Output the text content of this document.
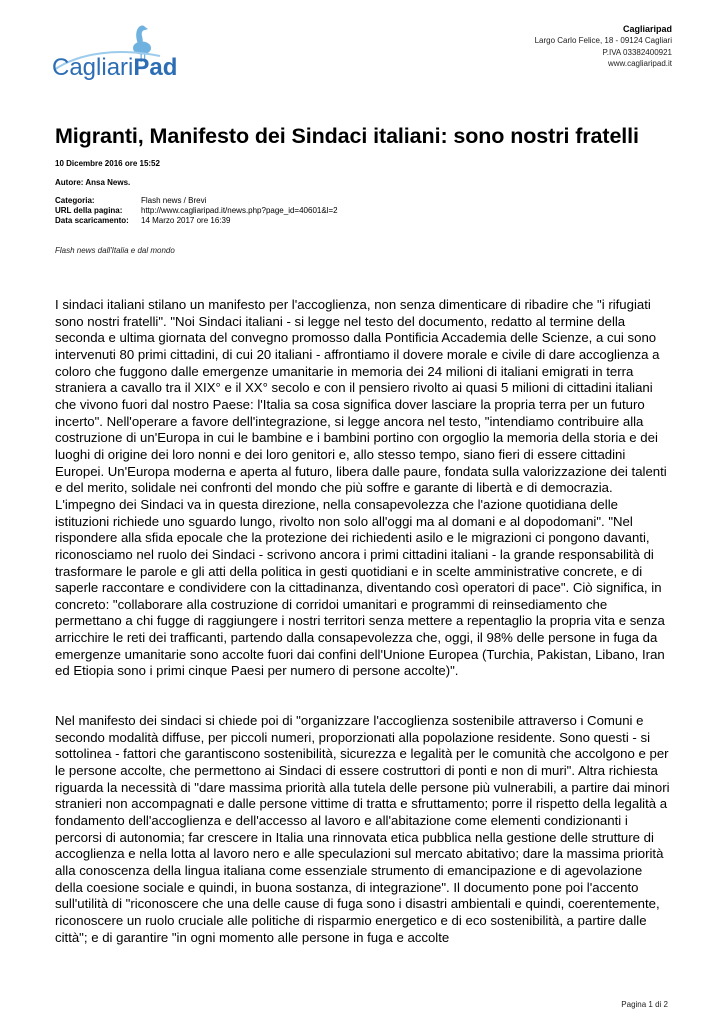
CagliariPad
Cagliaripad
Largo Carlo Felice, 18 - 09124 Cagliari
P.IVA 03382400921
www.cagliaripad.it
Migranti, Manifesto dei Sindaci italiani: sono nostri fratelli
10 Dicembre 2016 ore 15:52
Autore: Ansa News.
Categoria:	Flash news / Brevi
URL della pagina:	http://www.cagliaripad.it/news.php?page_id=40601&l=2
Data scaricamento:	14 Marzo 2017 ore 16:39
Flash news dall'Italia e dal mondo

I sindaci italiani stilano un manifesto per l'accoglienza, non senza dimenticare di ribadire che "i rifugiati sono nostri fratelli". "Noi Sindaci italiani - si legge nel testo del documento, redatto al termine della seconda e ultima giornata del convegno promosso dalla Pontificia Accademia delle Scienze, a cui sono intervenuti 80 primi cittadini, di cui 20 italiani - affrontiamo il dovere morale e civile di dare accoglienza a coloro che fuggono dalle emergenze umanitarie in memoria dei 24 milioni di italiani emigrati in terra straniera a cavallo tra il XIX° e il XX° secolo e con il pensiero rivolto ai quasi 5 milioni di cittadini italiani che vivono fuori dal nostro Paese: l'Italia sa cosa significa dover lasciare la propria terra per un futuro incerto". Nell'operare a favore dell'integrazione, si legge ancora nel testo, "intendiamo contribuire alla costruzione di un'Europa in cui le bambine e i bambini portino con orgoglio la memoria della storia e dei luoghi di origine dei loro nonni e dei loro genitori e, allo stesso tempo, siano fieri di essere cittadini Europei. Un'Europa moderna e aperta al futuro, libera dalle paure, fondata sulla valorizzazione dei talenti e del merito, solidale nei confronti del mondo che più soffre e garante di libertà e di democrazia. L'impegno dei Sindaci va in questa direzione, nella consapevolezza che l'azione quotidiana delle istituzioni richiede uno sguardo lungo, rivolto non solo all'oggi ma al domani e al dopodomani". "Nel rispondere alla sfida epocale che la protezione dei richiedenti asilo e le migrazioni ci pongono davanti, riconosciamo nel ruolo dei Sindaci - scrivono ancora i primi cittadini italiani - la grande responsabilità di trasformare le parole e gli atti della politica in gesti quotidiani e in scelte amministrative concrete, e di saperle raccontare e condividere con la cittadinanza, diventando così operatori di pace". Ciò significa, in concreto: "collaborare alla costruzione di corridoi umanitari e programmi di reinsediamento che permettano a chi fugge di raggiungere i nostri territori senza mettere a repentaglio la propria vita e senza arricchire le reti dei trafficanti, partendo dalla consapevolezza che, oggi, il 98% delle persone in fuga da emergenze umanitarie sono accolte fuori dai confini dell'Unione Europea (Turchia, Pakistan, Libano, Iran ed Etiopia sono i primi cinque Paesi per numero di persone accolte)".

Nel manifesto dei sindaci si chiede poi di "organizzare l'accoglienza sostenibile attraverso i Comuni e secondo modalità diffuse, per piccoli numeri, proporzionati alla popolazione residente. Sono questi - si sottolinea - fattori che garantiscono sostenibilità, sicurezza e legalità per le comunità che accolgono e per le persone accolte, che permettono ai Sindaci di essere costruttori di ponti e non di muri". Altra richiesta riguarda la necessità di "dare massima priorità alla tutela delle persone più vulnerabili, a partire dai minori stranieri non accompagnati e dalle persone vittime di tratta e sfruttamento; porre il rispetto della legalità a fondamento dell'accoglienza e dell'accesso al lavoro e all'abitazione come elementi condizionanti i percorsi di autonomia; far crescere in Italia una rinnovata etica pubblica nella gestione delle strutture di accoglienza e nella lotta al lavoro nero e alle speculazioni sul mercato abitativo; dare la massima priorità alla conoscenza della lingua italiana come essenziale strumento di emancipazione e di agevolazione della coesione sociale e quindi, in buona sostanza, di integrazione". Il documento pone poi l'accento sull'utilità di "riconoscere che una delle cause di fuga sono i disastri ambientali e quindi, coerentemente, riconoscere un ruolo cruciale alle politiche di risparmio energetico e di eco sostenibilità, a partire dalle città"; e di garantire "in ogni momento alle persone in fuga e accolte

Pagina 1 di 2
